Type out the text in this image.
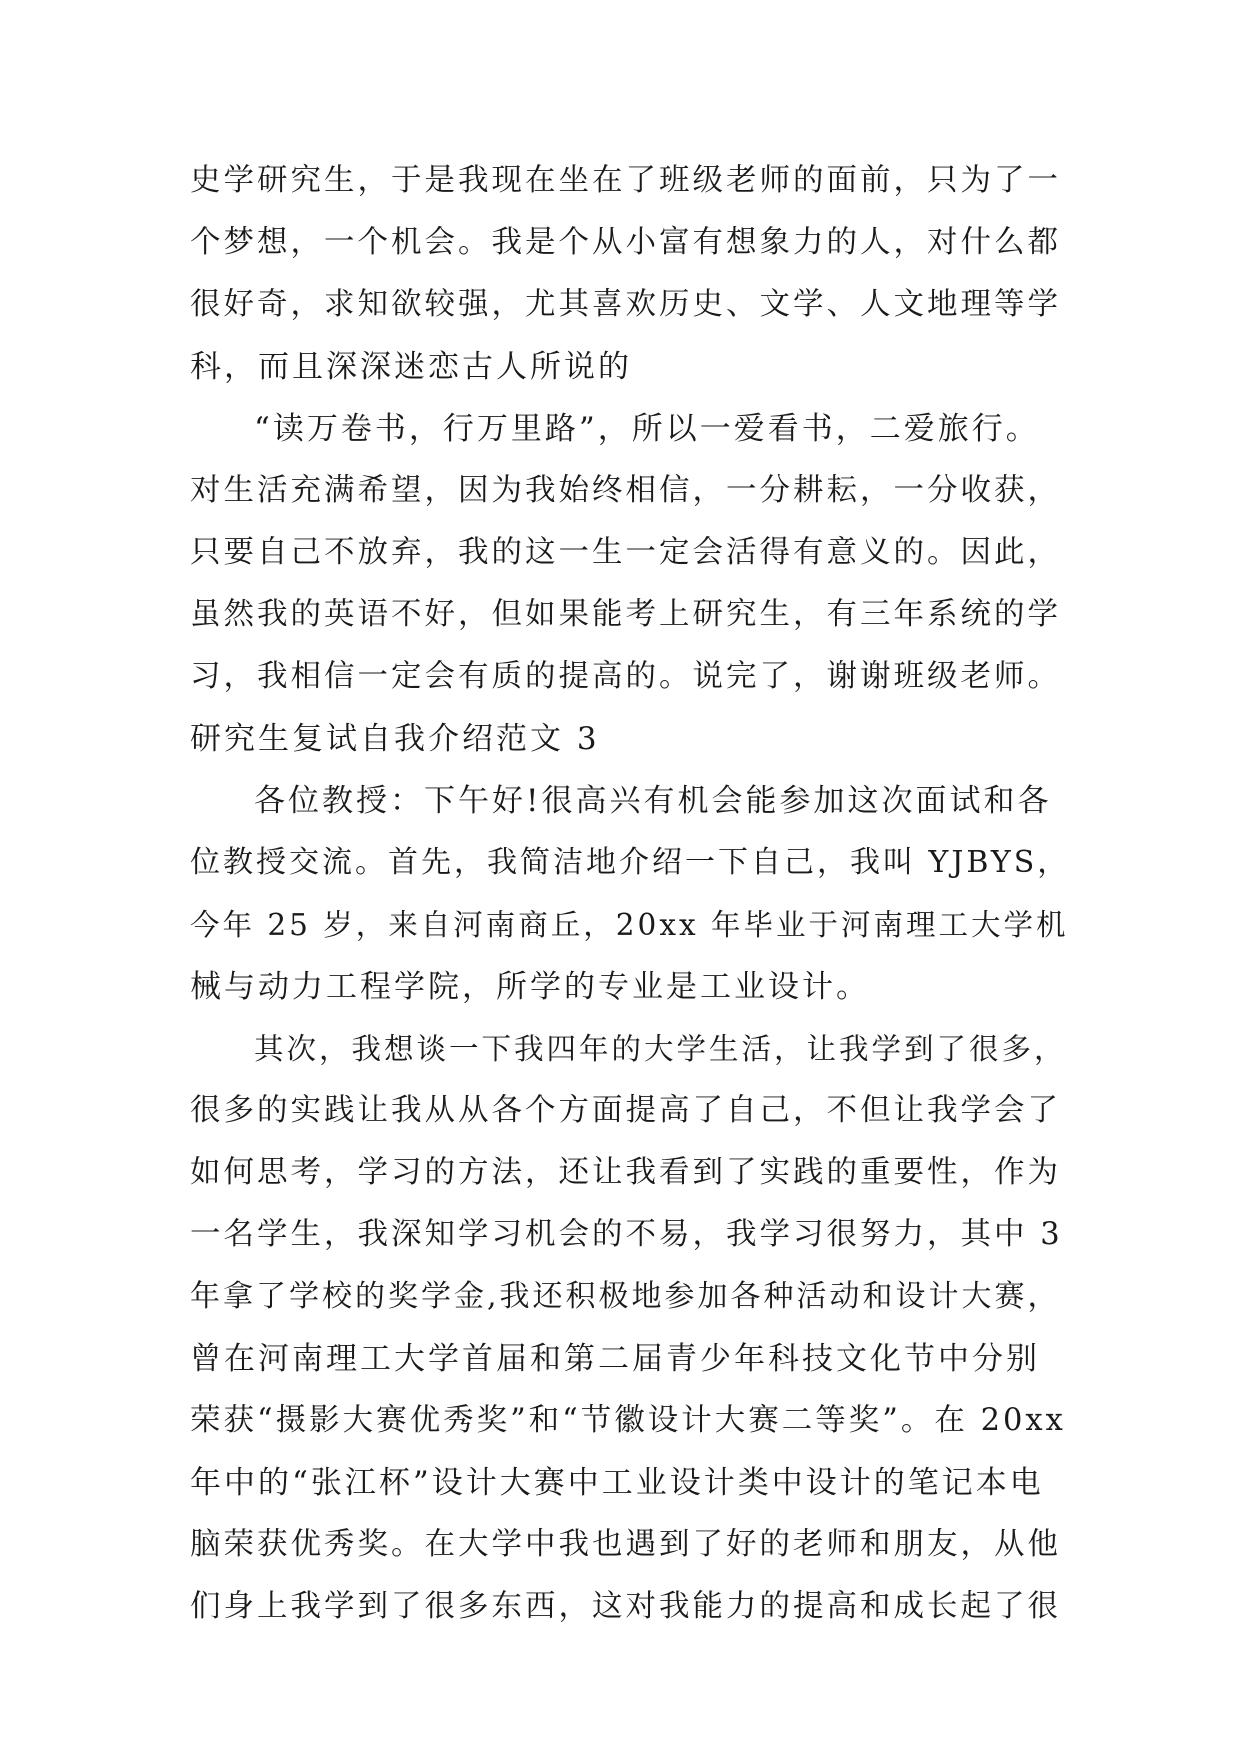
史学研究生，于是我现在坐在了班级老师的面前，只为了一
个梦想，一个机会。我是个从小富有想象力的人，对什么都
很好奇，求知欲较强，尤其喜欢历史、文学、人文地理等学
科，而且深深迷恋古人所说的
“读万卷书，行万里路”，所以一爱看书，二爱旅行。
对生活充满希望，因为我始终相信，一分耕耘，一分收获，
只要自己不放弃，我的这一生一定会活得有意义的。因此，
虽然我的英语不好，但如果能考上研究生，有三年系统的学
习，我相信一定会有质的提高的。说完了，谢谢班级老师。
研究生复试自我介绍范文 3
各位教授：下午好!很高兴有机会能参加这次面试和各
位教授交流。首先，我简洁地介绍一下自己，我叫 YJBYS，
今年 25 岁，来自河南商丘，20xx 年毕业于河南理工大学机
械与动力工程学院，所学的专业是工业设计。
其次，我想谈一下我四年的大学生活，让我学到了很多，
很多的实践让我从从各个方面提高了自己，不但让我学会了
如何思考，学习的方法，还让我看到了实践的重要性，作为
一名学生，我深知学习机会的不易，我学习很努力，其中 3
年拿了学校的奖学金,我还积极地参加各种活动和设计大赛，
曾在河南理工大学首届和第二届青少年科技文化节中分别
荣获“摄影大赛优秀奖”和“节徽设计大赛二等奖”。在 20xx
年中的“张江杯”设计大赛中工业设计类中设计的笔记本电
脑荣获优秀奖。在大学中我也遇到了好的老师和朋友，从他
们身上我学到了很多东西，这对我能力的提高和成长起了很
